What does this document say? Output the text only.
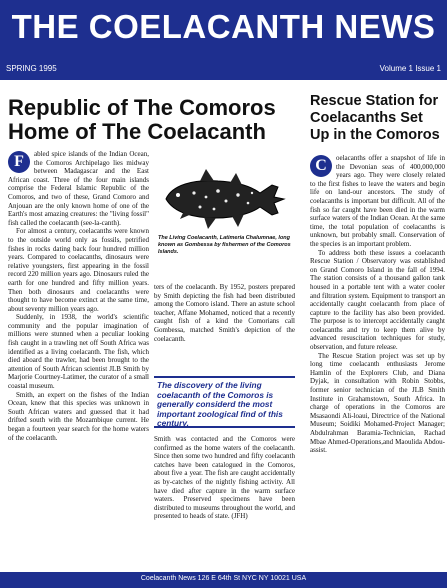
THE COELACANTH NEWS
SPRING 1995	Volume 1 Issue 1
Republic of The Comoros Home of The Coelacanth
Rescue Station for Coelacanths Set Up in the Comoros

F	abled spice islands of the Indian Ocean, the Comoros Archipelago lies midway between Madagascar and the East African coast. Three of the four main islands comprise the Federal Islamic Republic of the Comoros, and two of these, Grand Comoro and Anjouan are the only known home of one of the Earth's most amazing creatures: the "living fossil" fish called the coelacanth (see-la-canth).

For almost a century, coelacanths were known to the outside world only as fossils, petrified fishes in rocks dating back four hundred million years. Compared to coelacanths, dinosaurs were relative youngsters, first appearing in the fossil record 220 million years ago. Dinosaurs ruled the earth for one hundred and fifty million years. Then both dinosaurs and coelacanths were thought to have become extinct at the same time, about seventy million years ago.

Suddenly, in 1938, the world's scientific community and the popular imagination of millions were stunned when a peculiar looking fish caught in a trawling net off South Africa was identified as a living coelacanth. The fish, which died aboard the trawler, had been brought to the attention of South African scientist JLB Smith by Marjorie Courtney-Latimer, the curator of a small coastal museum.

Smith, an expert on the fishes of the Indian Ocean, knew that this species was unknown in South African waters and guessed that it had drifted south with the Mozambique current. He began a fourteen year search for the home waters of the coelacanth.

The Living Coelacanth, Latimeria Chalumnae, long known as Gombessa by fishermen of the Comoros Islands.

ters of the coelacanth. By 1952, posters prepared by Smith depicting the fish had been distributed among the Comoro island. There an astute school teacher, Affane Mohamed, noticed that a recently caught fish of a kind the Comorians call Gombessa, matched Smith's depiction of the coelacanth.

The discovery of the living coelacanth of the Comoros is generally considerd the most important zoological find of this century.

Smith was contacted and the Comoros were confirmed as the home waters of the coelacanth. Since then some two hundred and fifty coelacanth catches have been catalogued in the Comoros, about five a year. The fish are caught accidentally as by-catches of the nightly fishing activity. All have died after capture in the warm surface waters. Preserved specimens have been distributed to museums throughout the world, and presented to heads of state. (JFH)

C	oelacanths offer a snapshot of life in the Devonian seas of 400,000,000 years ago. They were closely related to the first fishes to leave the waters and begin life on land-our ancestors. The study of coelacanths is important but difficult. All of the fish so far caught have been died in the warm surface waters of the Indian Ocean. At the same time, the total population of coelacanths is unknown, but probably small. Conservation of the species is an important problem.

To address both these issues a coelacanth Rescue Station / Observatory was established on Grand Comoro Island in the fall of 1994. The station consists of a thousand gallon tank housed in a portable tent with a water cooler and filtration system. Equipment to transport an accidentally caught coelacanth from place of capture to the facility has also been provided. The purpose is to intercept accidentally caught coelacanths and try to keep them alive by advanced resuscitation techniques for study, observation, and future release.

The Rescue Station project was set up by long time coelacanth enthusiasts Jerome Hamlin of the Explorers Club, and Diana Dyjak, in consultation with Robin Stobbs, former senior technician of the JLB Smith Institute in Grahamstown, South Africa. In charge of operations in the Comoros are Msasaondi Ali-loaui, Directrice of the National Museum; Soidiki Mohamed-Project Manager; Abdulrahman Baramia-Technician, Rachad Mbae Ahmed-Operations,and Maoulida Abdou-assist.

Coelacanth News 126 E 64th St NYC NY 10021 USA
